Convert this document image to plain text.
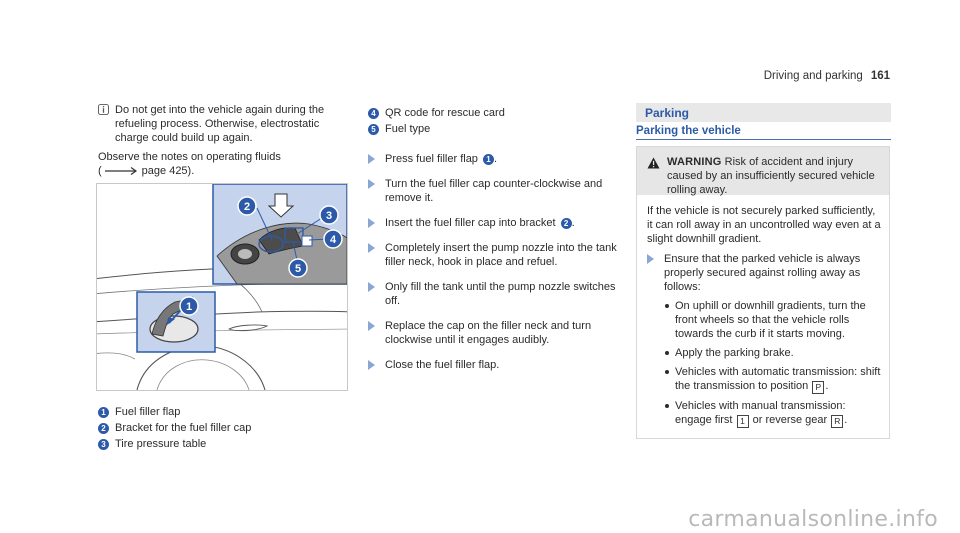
Driving and parking 161

Do not get into the vehicle again during the refueling process. Otherwise, electrostatic charge could build up again.

Observe the notes on operating fluids

(	page 425).

1
2
3
4
5
1 Fuel filler flap
2 Bracket for the fuel filler cap
3 Tire pressure table
4 QR code for rescue card
5 Fuel type
Press fuel filler flap 1 .
Turn the fuel filler cap counter-clockwise and remove it.
Insert the fuel filler cap into bracket 2 .
Completely insert the pump nozzle into the tank filler neck, hook in place and refuel.
Only fill the tank until the pump nozzle switches off.
Replace the cap on the filler neck and turn clockwise until it engages audibly.
Close the fuel filler flap.
Parking
Parking the vehicle
WARNING Risk of accident and injury caused by an insufficiently secured vehicle rolling away.
If the vehicle is not securely parked sufficiently, it can roll away in an uncontrolled way even at a slight downhill gradient.

Ensure that the parked vehicle is always properly secured against rolling away as follows:

On uphill or downhill gradients, turn the front wheels so that the vehicle rolls towards the curb if it starts moving.
Apply the parking brake.
Vehicles with automatic transmission: shift the transmission to position P .
Vehicles with manual transmission: engage first 1 or reverse gear R .
carmanualsonline.info
